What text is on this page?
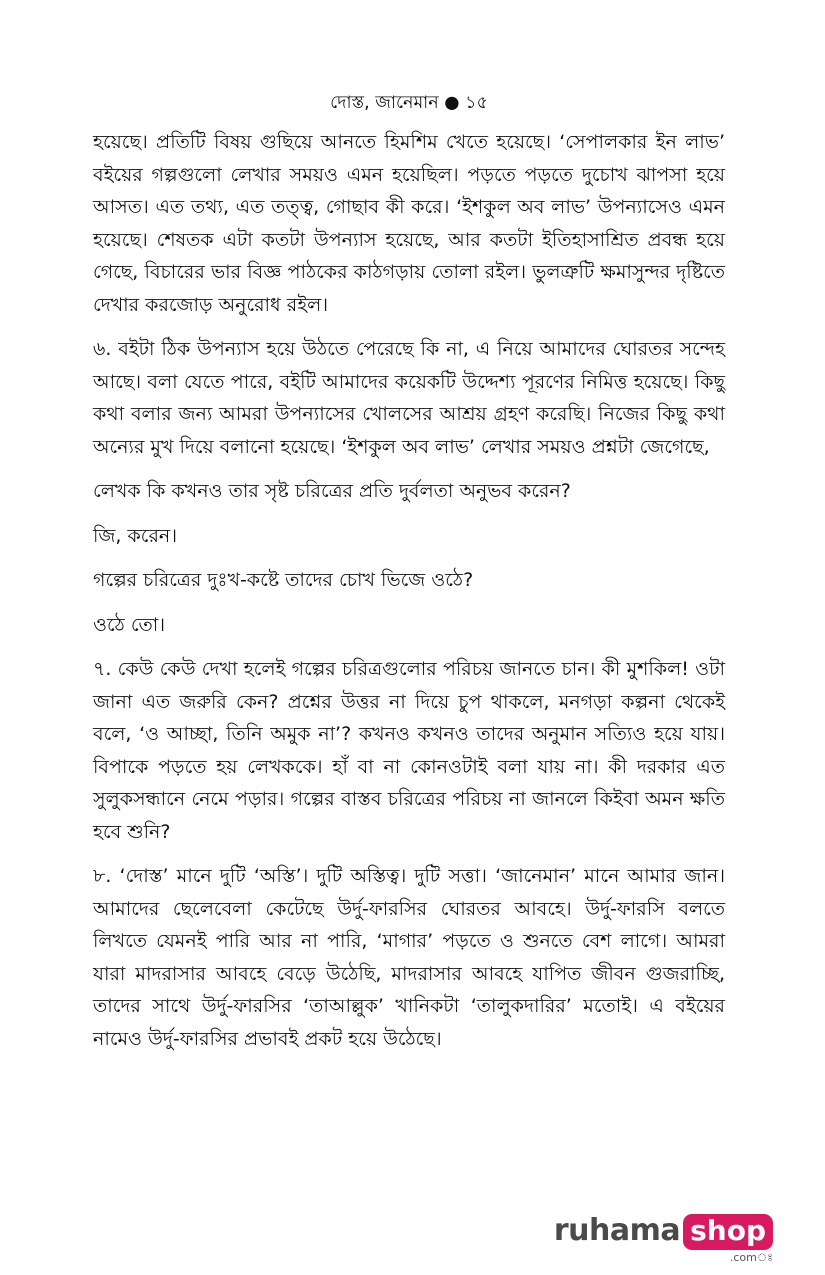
দোস্ত, জানেমান ● ১৫

হয়েছে। প্রতিটি বিষয় গুছিয়ে আনতে হিমশিম খেতে হয়েছে। ‘সেপালকার ইন লাভ’ বইয়ের গল্পগুলো লেখার সময়ও এমন হয়েছিল। পড়তে পড়তে দুচোখ ঝাপসা হয়ে আসত। এত তথ্য, এত তত্ত্ব, গোছাব কী করে। ‘ইশকুল অব লাভ’ উপন্যাসেও এমন হয়েছে। শেষতক এটা কতটা উপন্যাস হয়েছে, আর কতটা ইতিহাসাশ্রিত প্রবন্ধ হয়ে গেছে, বিচারের ভার বিজ্ঞ পাঠকের কাঠগড়ায় তোলা রইল। ভুলত্রুটি ক্ষমাসুন্দর দৃষ্টিতে দেখার করজোড় অনুরোধ রইল।

৬. বইটা ঠিক উপন্যাস হয়ে উঠতে পেরেছে কি না, এ নিয়ে আমাদের ঘোরতর সন্দেহ আছে। বলা যেতে পারে, বইটি আমাদের কয়েকটি উদ্দেশ্য পূরণের নিমিত্ত হয়েছে। কিছু কথা বলার জন্য আমরা উপন্যাসের খোলসের আশ্রয় গ্রহণ করেছি। নিজের কিছু কথা অন্যের মুখ দিয়ে বলানো হয়েছে। ‘ইশকুল অব লাভ’ লেখার সময়ও প্রশ্নটা জেগেছে,

লেখক কি কখনও তার সৃষ্ট চরিত্রের প্রতি দুর্বলতা অনুভব করেন?

জি, করেন।

গল্পের চরিত্রের দুঃখ-কষ্টে তাদের চোখ ভিজে ওঠে?

ওঠে তো।

৭. কেউ কেউ দেখা হলেই গল্পের চরিত্রগুলোর পরিচয় জানতে চান। কী মুশকিল! ওটা জানা এত জরুরি কেন? প্রশ্নের উত্তর না দিয়ে চুপ থাকলে, মনগড়া কল্পনা থেকেই বলে, ‘ও আচ্ছা, তিনি অমুক না’? কখনও কখনও তাদের অনুমান সত্যিও হয়ে যায়। বিপাকে পড়তে হয় লেখককে। হাঁ বা না কোনওটাই বলা যায় না। কী দরকার এত সুলুকসন্ধানে নেমে পড়ার। গল্পের বাস্তব চরিত্রের পরিচয় না জানলে কিইবা অমন ক্ষতি হবে শুনি?

৮. ‘দোস্ত’ মানে দুটি ‘অস্তি’। দুটি অস্তিত্ব। দুটি সত্তা। ‘জানেমান’ মানে আমার জান। আমাদের ছেলেবেলা কেটেছে উর্দু-ফারসির ঘোরতর আবহে। উর্দু-ফারসি বলতে লিখতে যেমনই পারি আর না পারি, ‘মাগার’ পড়তে ও শুনতে বেশ লাগে। আমরা যারা মাদরাসার আবহে বেড়ে উঠেছি, মাদরাসার আবহে যাপিত জীবন গুজরাচ্ছি, তাদের সাথে উর্দু-ফারসির ‘তাআল্লুক’ খানিকটা ‘তালুকদারির’ মতোই। এ বইয়ের নামেও উর্দু-ফারসির প্রভাবই প্রকট হয়ে উঠেছে।

ruhama shop
.comঃ
